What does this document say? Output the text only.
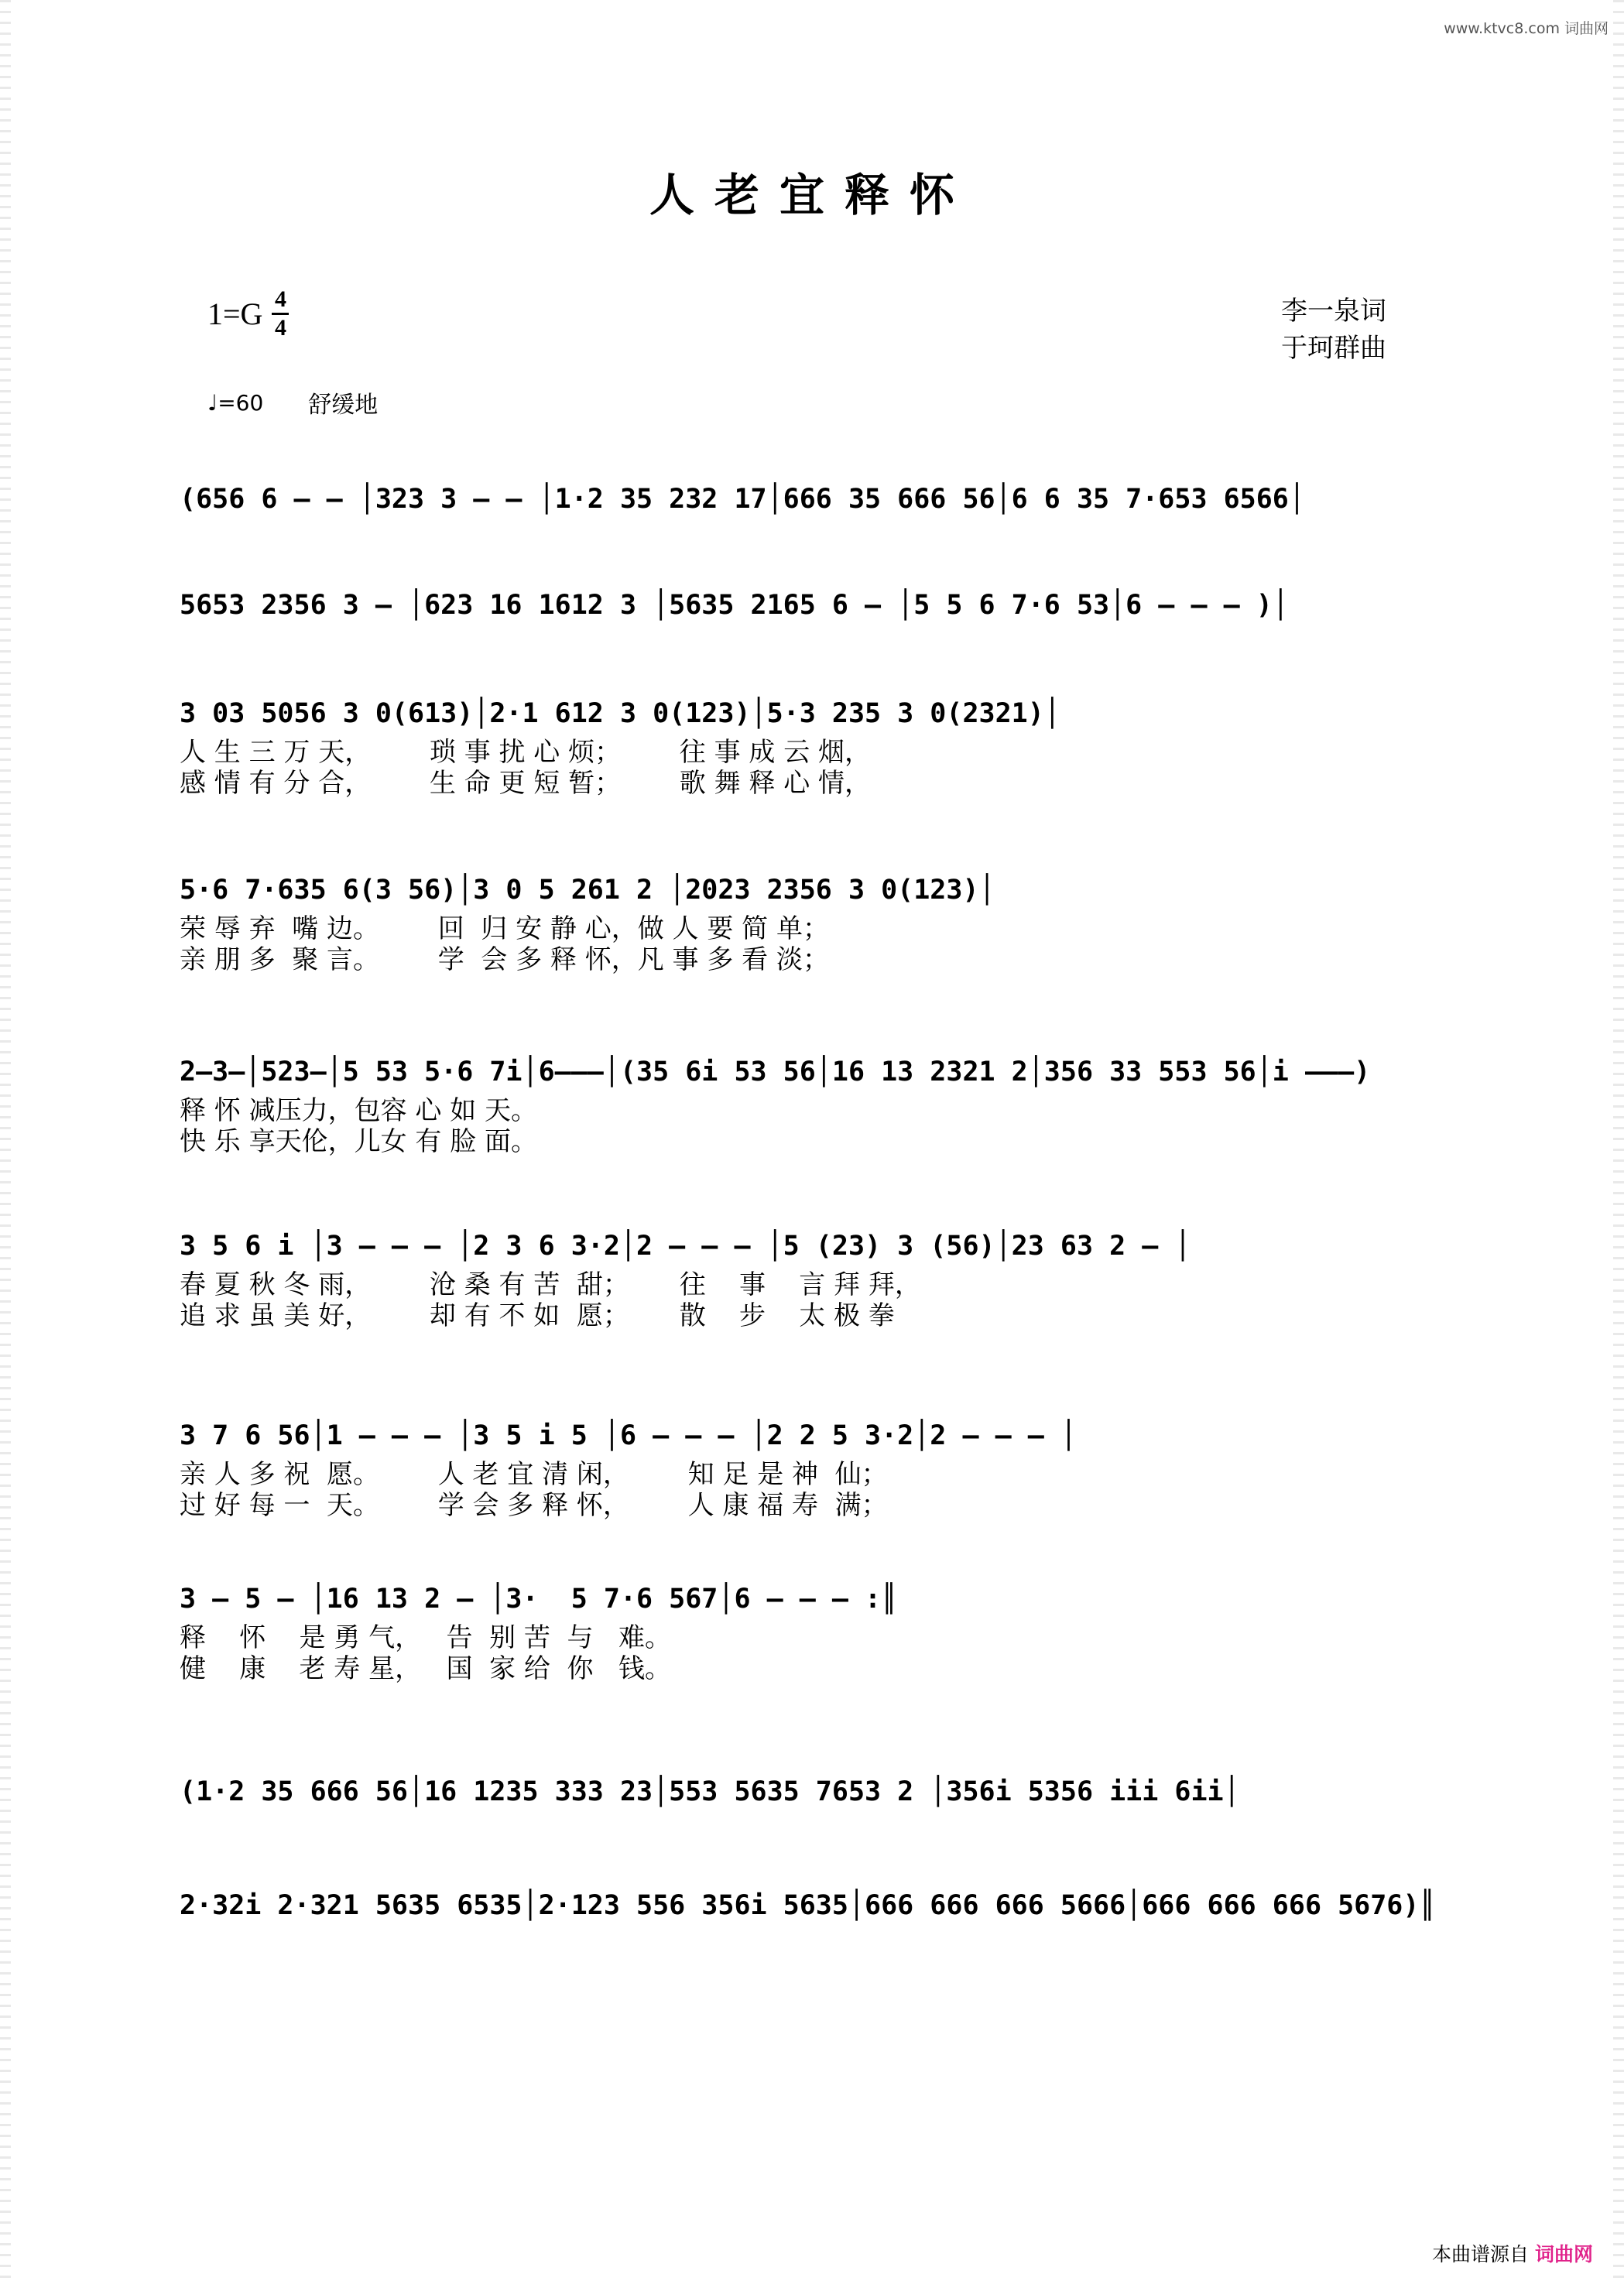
www.ktvc8.com 词曲网
人老宜释怀
1=G 4
4
李一泉词
于珂群曲
♩=60 舒缓地
(656 6 – – │323 3 – – │1·2 35 232 17│666 35 666 56│6 6 35 7·653 6566│
5653 2356 3 – │623 16 1612 3 │5635 2165 6 – │5 5 6 7·6 53│6 – – – )│
3 03 5056 3 0(613)│2·1 612 3 0(123)│5·3 235 3 0(2321)│
人 生 三 万 天，       琐 事 扰 心 烦；       往 事 成 云 烟，
感 情 有 分 合，       生 命 更 短 暂；       歌 舞 释 心 情，
5·6 7·635 6(3 56)│3 0 5 261 2 │2023 2356 3 0(123)│
荣 辱 弃  嘴 边。       回  归 安 静 心，做 人 要 简 单；
亲 朋 多  聚 言。       学  会 多 释 怀，凡 事 多 看 淡；
2–3–│523–│5 53 5·6 7i│6–––│(35 6i 53 56│16 13 2321 2│356 33 553 56│i –––)
释 怀 减压力，包容 心 如 天。
快 乐 享天伦，儿女 有 脸 面。
3 5 6 i │3 – – – │2 3 6 3·2│2 – – – │5 (23) 3 (56)│23 63 2 – │
春 夏 秋 冬 雨，       沧 桑 有 苦  甜；      往    事    言 拜 拜，
追 求 虽 美 好，       却 有 不 如  愿；      散    步    太 极 拳
3 7 6 56│1 – – – │3 5 i 5 │6 – – – │2 2 5 3·2│2 – – – │
亲 人 多 祝  愿。       人 老 宜 清 闲，       知 足 是 神  仙；
过 好 每 一  天。       学 会 多 释 怀，       人 康 福 寿  满；
3 – 5 – │16 13 2 – │3·  5 7·6 567│6 – – – :║
释    怀    是 勇 气，   告  别 苦  与   难。
健    康    老 寿 星，   国  家 给  你   钱。
(1·2 35 666 56│16 1235 333 23│553 5635 7653 2 │356i 5356 iii 6ii│
2·32i 2·321 5635 6535│2·123 556 356i 5635│666 666 666 5666│666 666 666 5676)║
本曲谱源自 词曲网
